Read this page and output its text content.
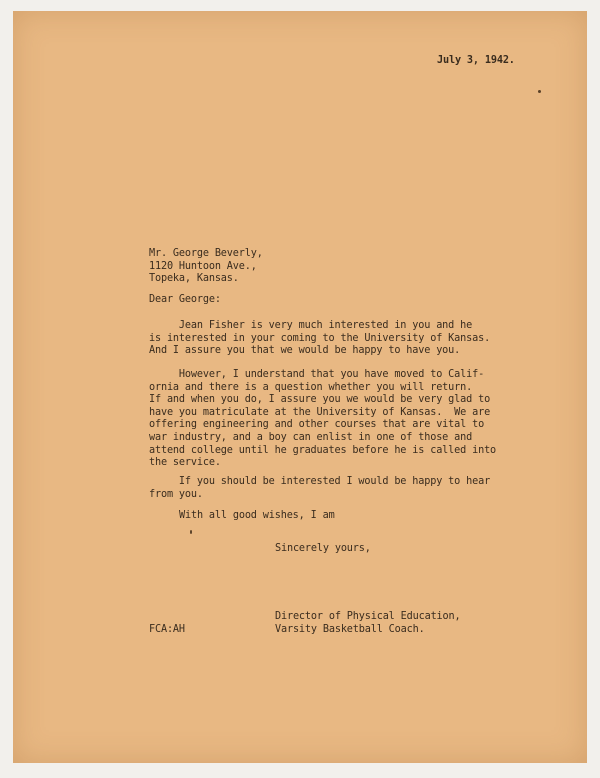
July 3, 1942.
Mr. George Beverly,
1120 Huntoon Ave.,
Topeka, Kansas.
Dear George:
Jean Fisher is very much interested in you and he
is interested in your coming to the University of Kansas.
And I assure you that we would be happy to have you.
However, I understand that you have moved to Calif-
ornia and there is a question whether you will return.
If and when you do, I assure you we would be very glad to
have you matriculate at the University of Kansas.  We are
offering engineering and other courses that are vital to
war industry, and a boy can enlist in one of those and
attend college until he graduates before he is called into
the service.
If you should be interested I would be happy to hear
from you.
With all good wishes, I am
Sincerely yours,
Director of Physical Education,
Varsity Basketball Coach.
FCA:AH
